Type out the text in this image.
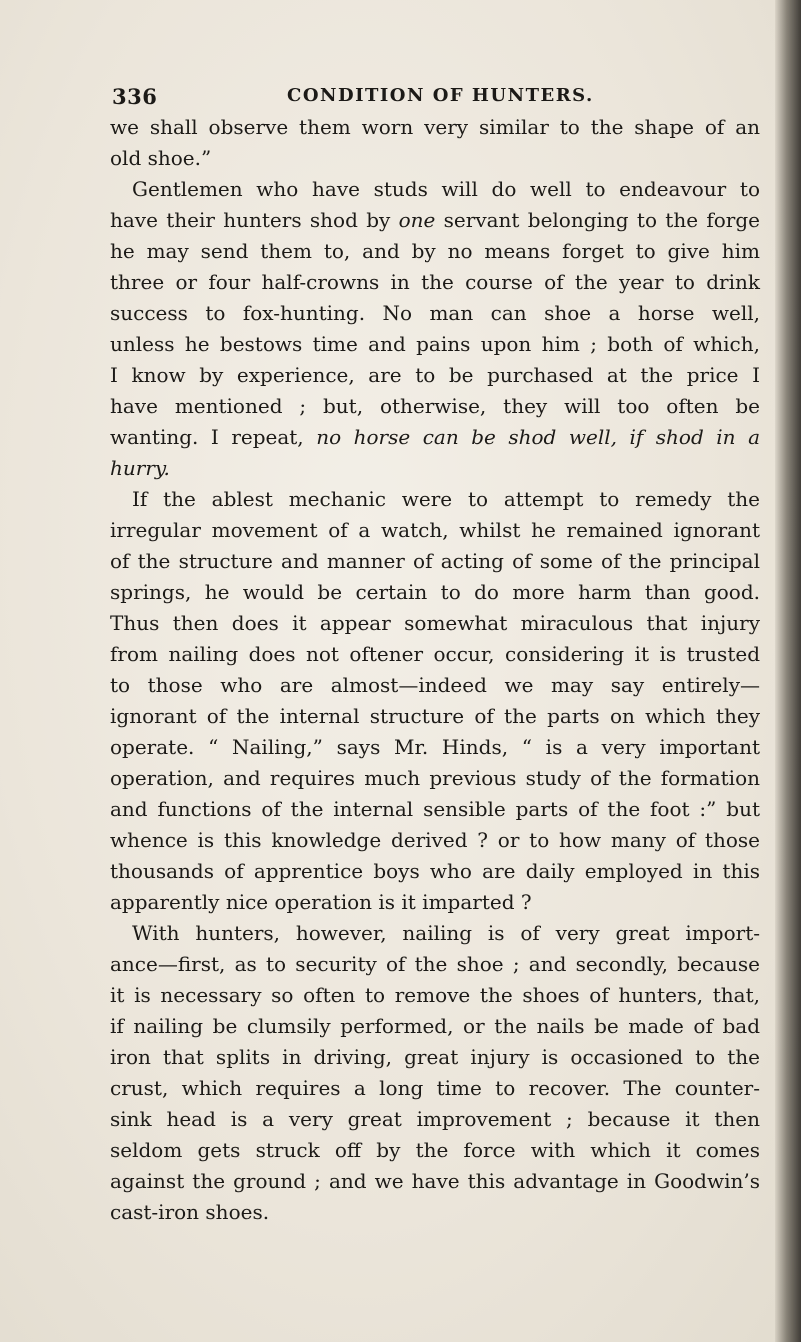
336	CONDITION OF HUNTERS.
we shall observe them worn very similar to the shape of an
old shoe.”
Gentlemen who have studs will do well to endeavour to
have their hunters shod by one servant belonging to the forge
he may send them to, and by no means forget to give him
three or four half-crowns in the course of the year to drink
success to fox-hunting. No man can shoe a horse well,
unless he bestows time and pains upon him ; both of which,
I know by experience, are to be purchased at the price I
have mentioned ; but, otherwise, they will too often be
wanting. I repeat, no horse can be shod well, if shod in a
hurry.
If the ablest mechanic were to attempt to remedy the
irregular movement of a watch, whilst he remained ignorant
of the structure and manner of acting of some of the principal
springs, he would be certain to do more harm than good.
Thus then does it appear somewhat miraculous that injury
from nailing does not oftener occur, considering it is trusted
to those who are almost—indeed we may say entirely—
ignorant of the internal structure of the parts on which they
operate. “ Nailing,” says Mr. Hinds, “ is a very important
operation, and requires much previous study of the formation
and functions of the internal sensible parts of the foot :” but
whence is this knowledge derived ? or to how many of those
thousands of apprentice boys who are daily employed in this
apparently nice operation is it imparted ?
With hunters, however, nailing is of very great import-
ance—first, as to security of the shoe ; and secondly, because
it is necessary so often to remove the shoes of hunters, that,
if nailing be clumsily performed, or the nails be made of bad
iron that splits in driving, great injury is occasioned to the
crust, which requires a long time to recover. The counter-
sink head is a very great improvement ; because it then
seldom gets struck off by the force with which it comes
against the ground ; and we have this advantage in Goodwin’s
cast-iron shoes.
